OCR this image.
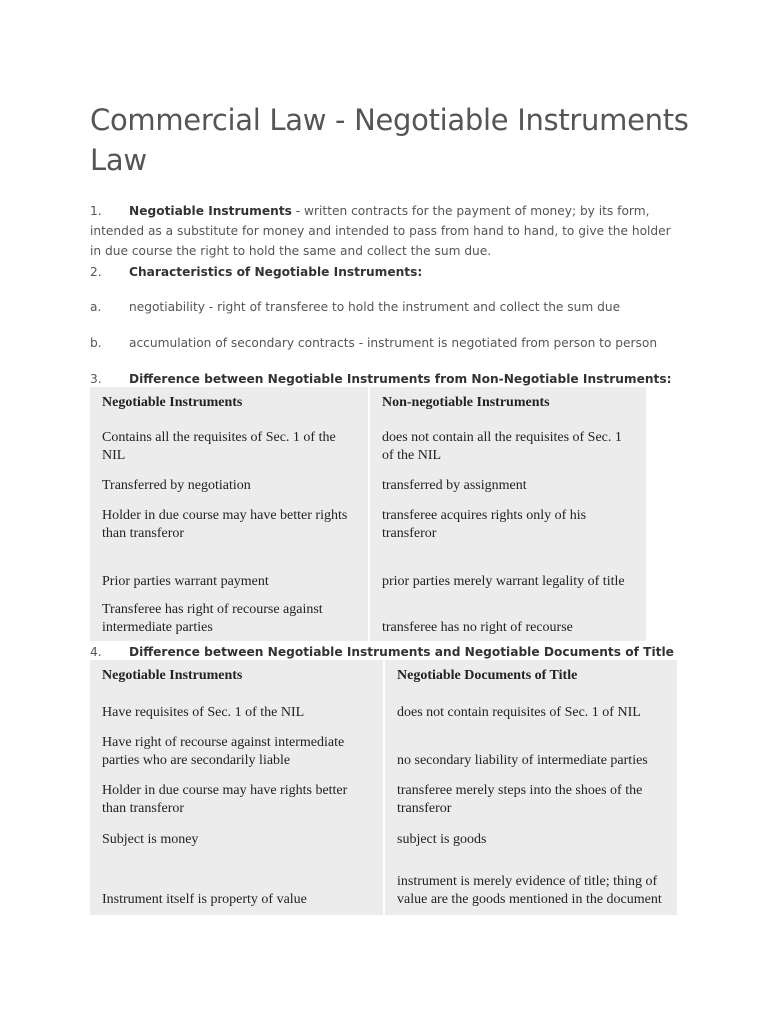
Commercial Law - Negotiable Instruments Law

1. Negotiable Instruments - written contracts for the payment of money; by its form, intended as a substitute for money and intended to pass from hand to hand, to give the holder in due course the right to hold the same and collect the sum due.

2. Characteristics of Negotiable Instruments:

a. negotiability - right of transferee to hold the instrument and collect the sum due

b. accumulation of secondary contracts - instrument is negotiated from person to person

3. Difference between Negotiable Instruments from Non-Negotiable Instruments:

Negotiable Instruments	Non-negotiable Instruments
Contains all the requisites of Sec. 1 of the NIL	does not contain all the requisites of Sec. 1 of the NIL
Transferred by negotiation	transferred by assignment
Holder in due course may have better rights than transferor	transferee acquires rights only of his transferor
Prior parties warrant payment	prior parties merely warrant legality of title
Transferee has right of recourse against intermediate parties	transferee has no right of recourse

4. Difference between Negotiable Instruments and Negotiable Documents of Title

Negotiable Instruments	Negotiable Documents of Title
Have requisites of Sec. 1 of the NIL	does not contain requisites of Sec. 1 of NIL
Have right of recourse against intermediate parties who are secondarily liable	no secondary liability of intermediate parties
Holder in due course may have rights better than transferor	transferee merely steps into the shoes of the transferor
Subject is money	subject is goods
Instrument itself is property of value	instrument is merely evidence of title; thing of value are the goods mentioned in the document
